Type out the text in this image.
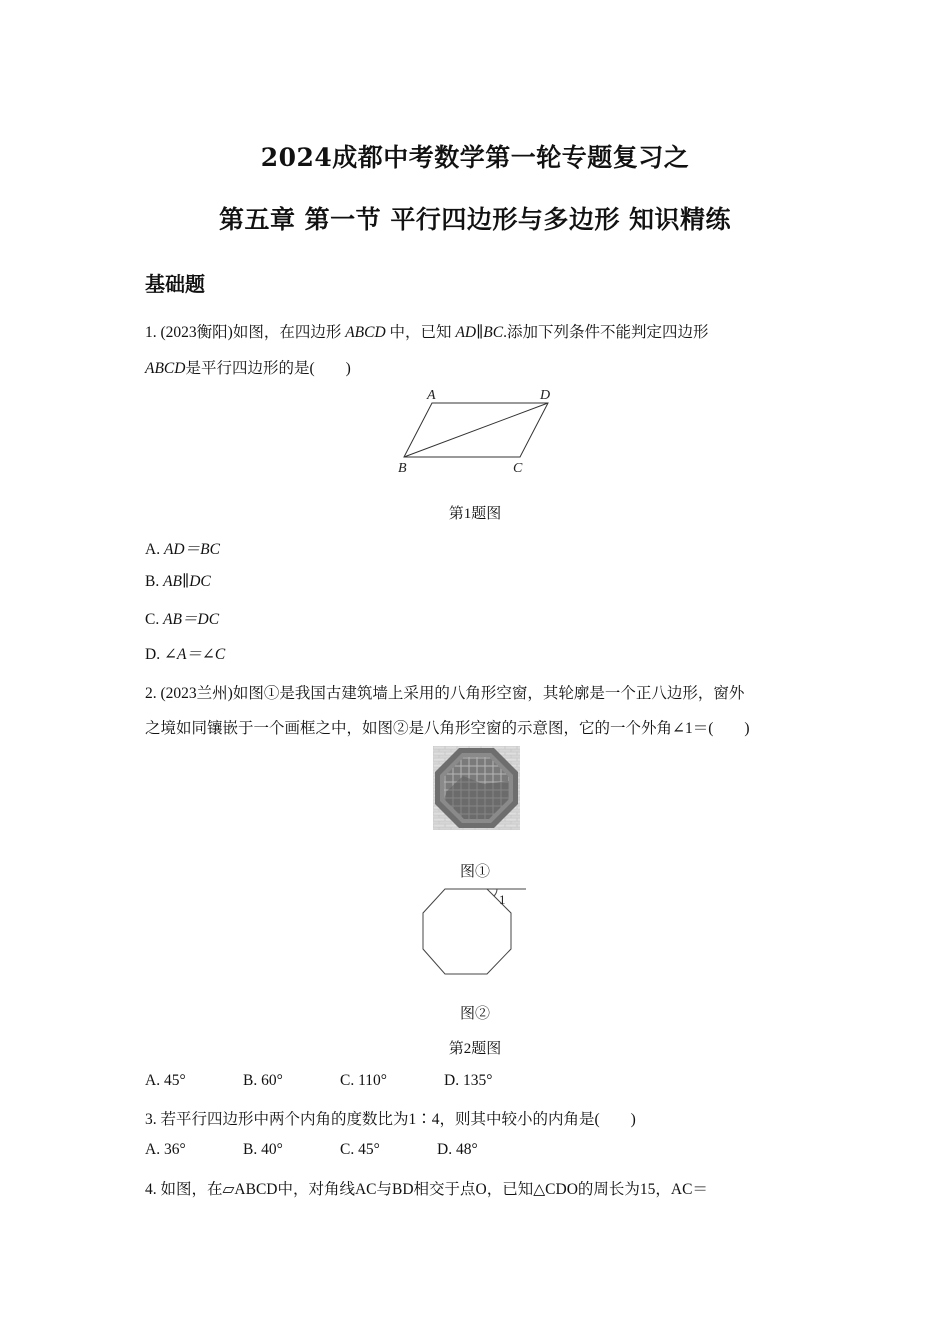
2024成都中考数学第一轮专题复习之
第五章 第一节 平行四边形与多边形 知识精练
基础题
1. (2023衡阳)如图，在四边形 ABCD 中，已知 AD∥BC.添加下列条件不能判定四边形
ABCD是平行四边形的是(　　)
A	D
B	C
第1题图
A. AD＝BC
B. AB∥DC
C. AB＝DC
D. ∠A＝∠C
2. (2023兰州)如图①是我国古建筑墙上采用的八角形空窗，其轮廓是一个正八边形，窗外
之境如同镶嵌于一个画框之中，如图②是八角形空窗的示意图，它的一个外角∠1＝(　　)
图①
1
图②
第2题图
A. 45°	B. 60°	C. 110°	D. 135°
3. 若平行四边形中两个内角的度数比为1∶4，则其中较小的内角是(　　)
A. 36°	B. 40°	C. 45°	D. 48°
4. 如图，在▱ABCD中，对角线AC与BD相交于点O，已知△CDO的周长为15，AC＝
